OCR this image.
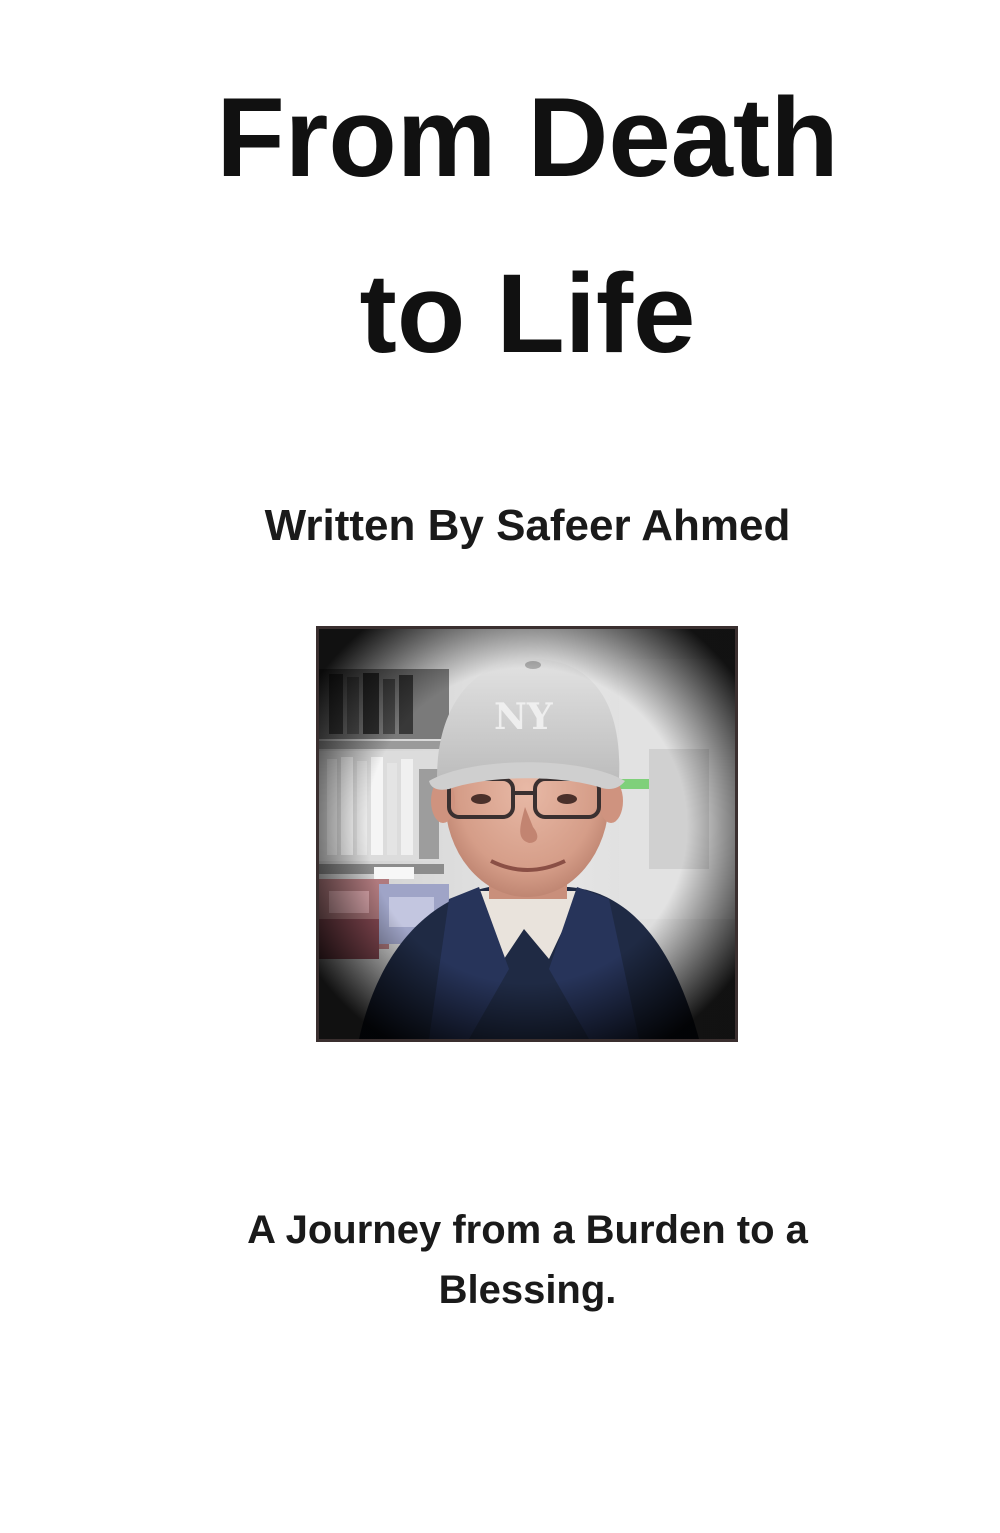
From Death
to Life
Written By Safeer Ahmed
A Journey from a Burden to a
Blessing.
